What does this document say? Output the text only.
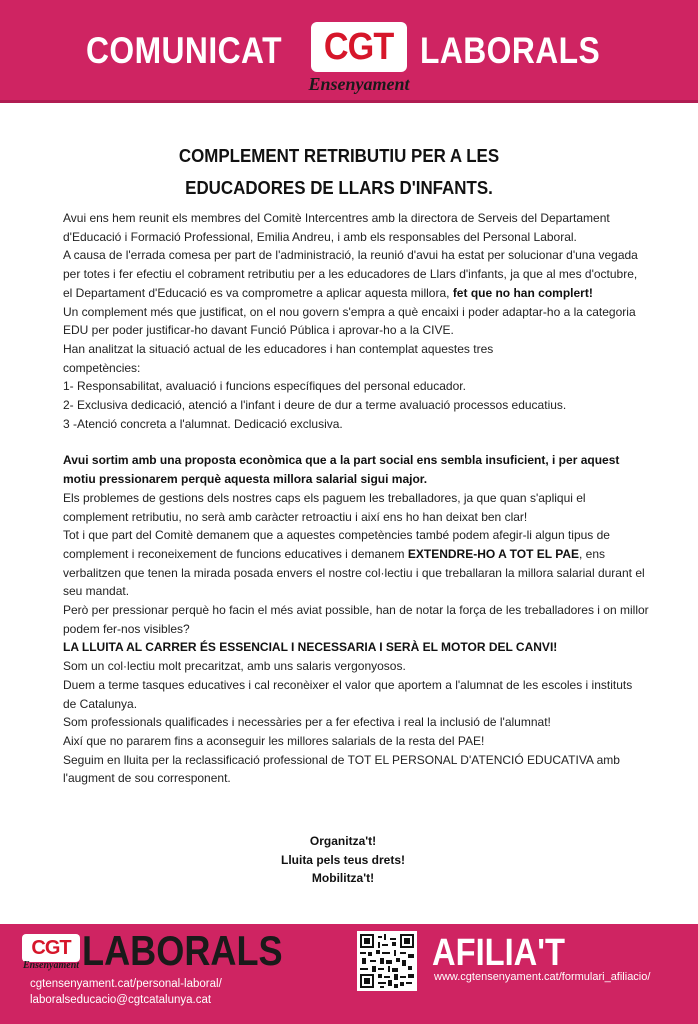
COMUNICAT CGT
Ensenyament
LABORALS
COMPLEMENT RETRIBUTIU PER A LES
EDUCADORES DE LLARS D'INFANTS.

Avui ens hem reunit els membres del Comitè Intercentres amb la directora de Serveis del Departament

d'Educació i Formació Professional, Emilia Andreu, i amb els responsables del Personal Laboral.

A causa de l'errada comesa per part de l'administració, la reunió d'avui ha estat per solucionar d'una vegada

per totes i fer efectiu el cobrament retributiu per a les educadores de Llars d'infants, ja que al mes d'octubre,

el Departament d'Educació es va comprometre a aplicar aquesta millora, fet que no han complert!

Un complement més que justificat, on el nou govern s'empra a què encaixi i poder adaptar-ho a la categoria

EDU per poder justificar-ho davant Funció Pública i aprovar-ho a la CIVE.

Han analitzat la situació actual de les educadores i han contemplat aquestes tres

competències:

1- Responsabilitat, avaluació i funcions específiques del personal educador.

2- Exclusiva dedicació, atenció a l'infant i deure de dur a terme avaluació processos educatius.

3 -Atenció concreta a l'alumnat. Dedicació exclusiva.

Avui sortim amb una proposta econòmica que a la part social ens sembla insuficient, i per aquest

motiu pressionarem perquè aquesta millora salarial sigui major.

Els problemes de gestions dels nostres caps els paguem les treballadores, ja que quan s'apliqui el

complement retributiu, no serà amb caràcter retroactiu i així ens ho han deixat ben clar!

Tot i que part del Comitè demanem que a aquestes competències també podem afegir-li algun tipus de

complement i reconeixement de funcions educatives i demanem EXTENDRE-HO A TOT EL PAE, ens

verbalitzen que tenen la mirada posada envers el nostre col·lectiu i que treballaran la millora salarial durant el

seu mandat.

Però per pressionar perquè ho facin el més aviat possible, han de notar la força de les treballadores i on millor

podem fer-nos visibles?

LA LLUITA AL CARRER ÉS ESSENCIAL I NECESSARIA I SERÀ EL MOTOR DEL CANVI!

Som un col·lectiu molt precaritzat, amb uns salaris vergonyosos.

Duem a terme tasques educatives i cal reconèixer el valor que aportem a l'alumnat de les escoles i instituts

de Catalunya.

Som professionals qualificades i necessàries per a fer efectiva i real la inclusió de l'alumnat!

Així que no pararem fins a aconseguir les millores salarials de la resta del PAE!

Seguim en lluita per la reclassificació professional de TOT EL PERSONAL D'ATENCIÓ EDUCATIVA amb

l'augment de sou corresponent.

Organitza't!
Lluita pels teus drets!
Mobilitza't!
CGT
Ensenyament LABORALS
cgtensenyament.cat/personal-laboral/
laboralseducacio@cgtcatalunya.cat
AFILIA'T
www.cgtensenyament.cat/formulari_afiliacio/
